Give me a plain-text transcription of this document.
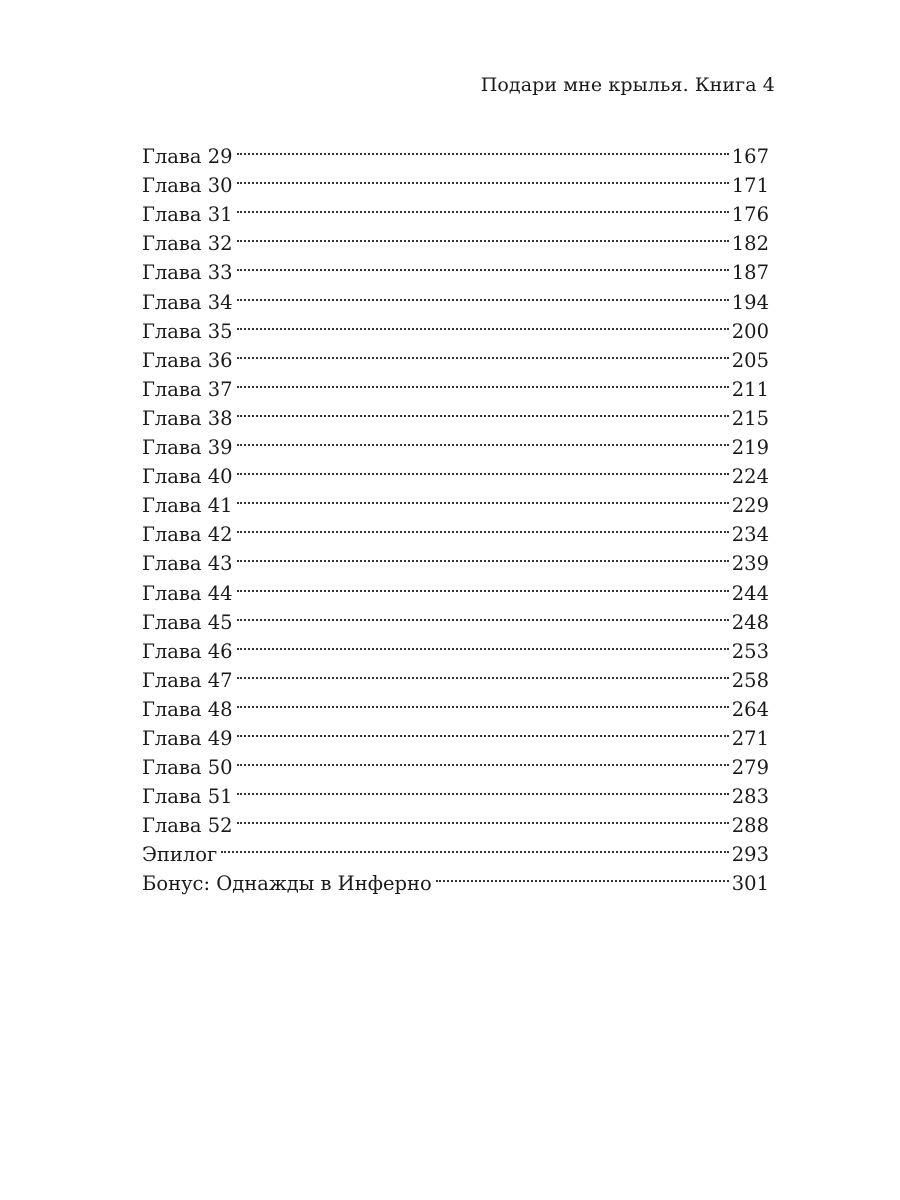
Подари мне крылья. Книга 4
Глава 29	167
Глава 30	171
Глава 31	176
Глава 32	182
Глава 33	187
Глава 34	194
Глава 35	200
Глава 36	205
Глава 37	211
Глава 38	215
Глава 39	219
Глава 40	224
Глава 41	229
Глава 42	234
Глава 43	239
Глава 44	244
Глава 45	248
Глава 46	253
Глава 47	258
Глава 48	264
Глава 49	271
Глава 50	279
Глава 51	283
Глава 52	288
Эпилог	293
Бонус: Однажды в Инферно	301
